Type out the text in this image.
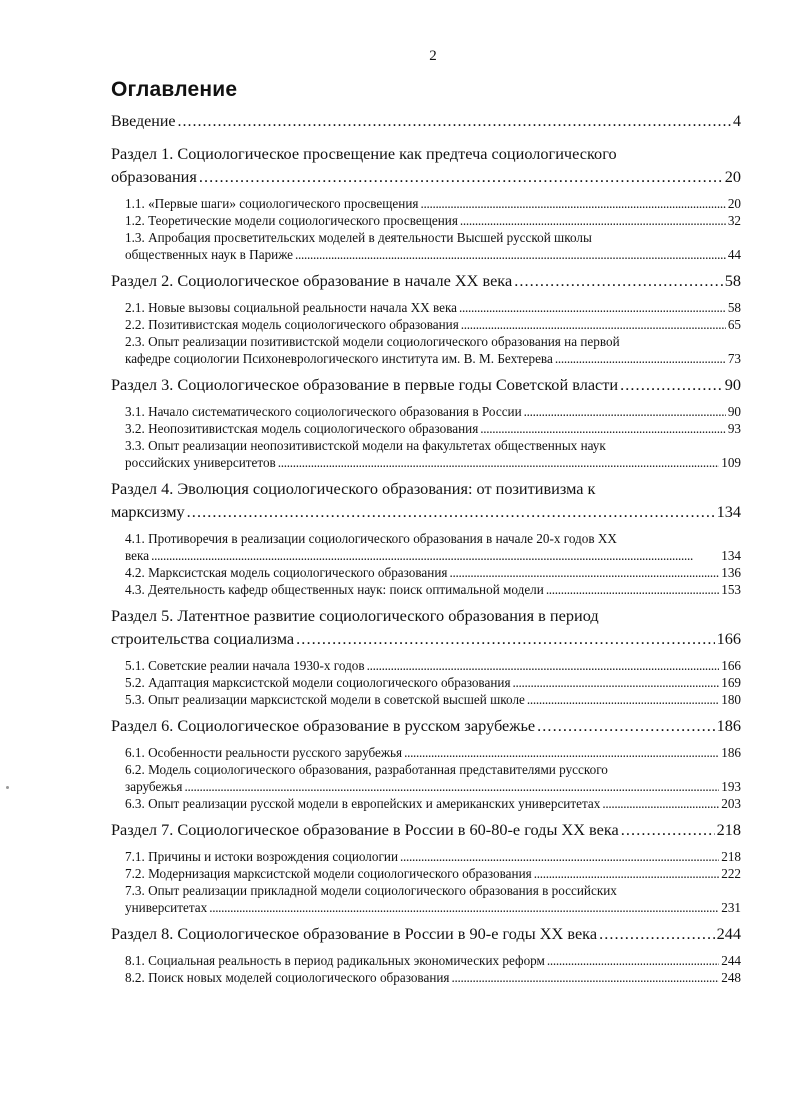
2
Оглавление
Введение . . .	4
Раздел 1. Социологическое просвещение как предтеча социологического
образования . . .	20
1.1. «Первые шаги» социологического просвещения . . .	20
1.2. Теоретические модели социологического просвещения . . .	32
1.3. Апробация просветительских моделей в деятельности Высшей русской школы
общественных наук в Париже . . .	44
Раздел 2. Социологическое образование в начале XX века . . .	58
2.1. Новые вызовы социальной реальности начала XX века . . .	58
2.2. Позитивистская модель социологического образования . . .	65
2.3. Опыт реализации позитивистской модели социологического образования на первой
кафедре социологии Психоневрологического института им. В. М. Бехтерева . . .	73
Раздел 3. Социологическое образование в первые годы Советской власти . . .	90
3.1. Начало систематического социологического образования в России . . .	90
3.2. Неопозитивистская модель социологического образования . . .	93
3.3. Опыт реализации неопозитивистской модели на факультетах общественных наук
российских университетов . . .	109
Раздел 4. Эволюция социологического образования: от позитивизма к
марксизму . . .	134
4.1. Противоречия в реализации социологического образования в начале 20-х годов XX
века . . .	134
4.2. Марксистская модель социологического образования . . .	136
4.3. Деятельность кафедр общественных наук: поиск оптимальной модели . . .	153
Раздел 5. Латентное развитие социологического образования в период
строительства социализма . . .	166
5.1. Советские реалии начала 1930-х годов . . .	166
5.2. Адаптация марксистской модели социологического образования . . .	169
5.3. Опыт реализации марксистской модели в советской высшей школе . . .	180
Раздел 6. Социологическое образование в русском зарубежье . . .	186
6.1. Особенности реальности русского зарубежья . . .	186
6.2. Модель социологического образования, разработанная представителями русского
зарубежья . . .	193
6.3. Опыт реализации русской модели в европейских и американских университетах . . .	203
Раздел 7. Социологическое образование в России в 60-80-е годы XX века . . .	218
7.1. Причины и истоки возрождения социологии . . .	218
7.2. Модернизация марксистской модели социологического образования . . .	222
7.3. Опыт реализации прикладной модели социологического образования в российских
университетах . . .	231
Раздел 8. Социологическое образование в России в 90-е годы XX века . . .	244
8.1. Социальная реальность в период радикальных экономических реформ . . .	244
8.2. Поиск новых моделей социологического образования . . .	248
